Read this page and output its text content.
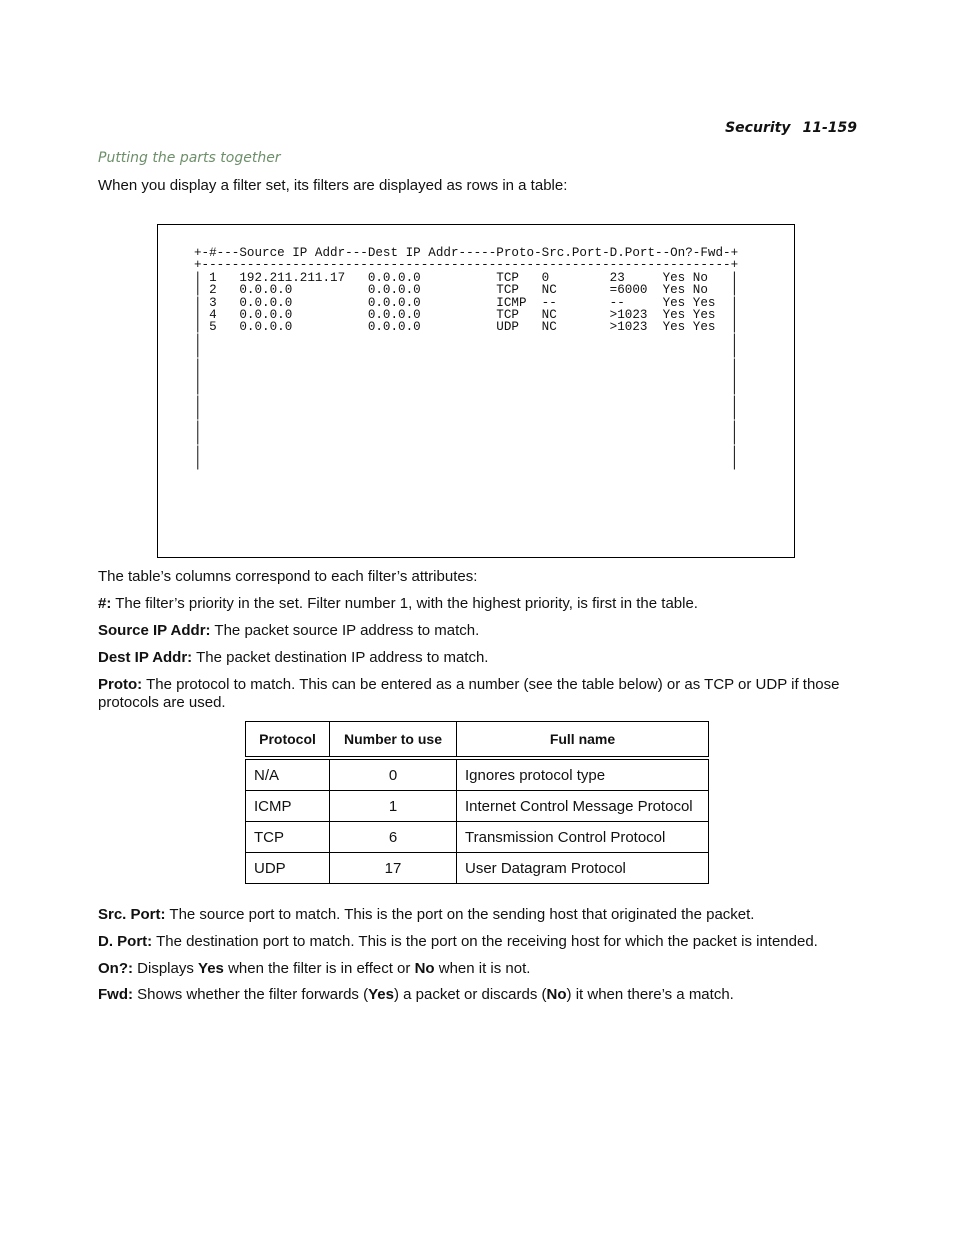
Security 11-159
Putting the parts together
When you display a filter set, its filters are displayed as rows in a table:
+-#---Source IP Addr---Dest IP Addr-----Proto-Src.Port-D.Port--On?-Fwd-+
+----------------------------------------------------------------------+
| 1   192.211.211.17   0.0.0.0          TCP   0        23     Yes No   |
| 2   0.0.0.0          0.0.0.0          TCP   NC       =6000  Yes No   |
| 3   0.0.0.0          0.0.0.0          ICMP  --       --     Yes Yes  |
| 4   0.0.0.0          0.0.0.0          TCP   NC       >1023  Yes Yes  |
| 5   0.0.0.0          0.0.0.0          UDP   NC       >1023  Yes Yes  |
|                                                                      |
|                                                                      |
|                                                                      |
|                                                                      |
|                                                                      |
|                                                                      |
|                                                                      |
|                                                                      |
|                                                                      |
|                                                                      |
|                                                                      |
The table’s columns correspond to each filter’s attributes:
#: The filter’s priority in the set. Filter number 1, with the highest priority, is first in the table.
Source IP Addr: The packet source IP address to match.
Dest IP Addr: The packet destination IP address to match.
Proto: The protocol to match. This can be entered as a number (see the table below) or as TCP or UDP if those protocols are used.
Protocol	Number to use	Full name
N/A	0	Ignores protocol type
ICMP	1	Internet Control Message Protocol
TCP	6	Transmission Control Protocol
UDP	17	User Datagram Protocol
Src. Port: The source port to match. This is the port on the sending host that originated the packet.
D. Port: The destination port to match. This is the port on the receiving host for which the packet is intended.
On?: Displays Yes when the filter is in effect or No when it is not.
Fwd: Shows whether the filter forwards (Yes) a packet or discards (No) it when there’s a match.
